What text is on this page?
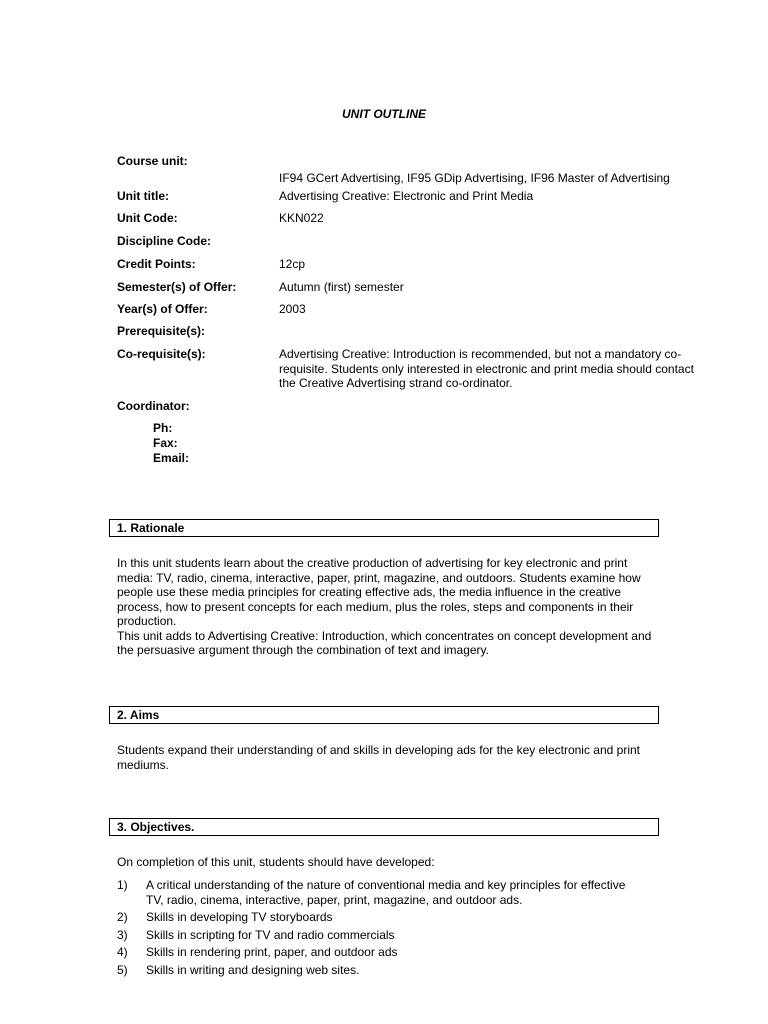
UNIT OUTLINE
Course unit:
IF94 GCert Advertising, IF95 GDip Advertising, IF96 Master of Advertising
Unit title:	Advertising Creative: Electronic and Print Media
Unit Code:	KKN022
Discipline Code:
Credit Points:	12cp
Semester(s) of Offer:	Autumn (first) semester
Year(s) of Offer:	2003
Prerequisite(s):
Co-requisite(s):	Advertising Creative: Introduction is recommended, but not a mandatory co-requisite. Students only interested in electronic and print media should contact the Creative Advertising strand co-ordinator.
Coordinator:
Ph:
Fax:
Email:
1. Rationale

In this unit students learn about the creative production of advertising for key electronic and print media: TV, radio, cinema, interactive, paper, print, magazine, and outdoors. Students examine how people use these media principles for creating effective ads, the media influence in the creative process, how to present concepts for each medium, plus the roles, steps and components in their production.

This unit adds to Advertising Creative: Introduction, which concentrates on concept development and the persuasive argument through the combination of text and imagery.

2. Aims
Students expand their understanding of and skills in developing ads for the key electronic and print mediums.
3. Objectives.
On completion of this unit, students should have developed:
1) A critical understanding of the nature of conventional media and key principles for effective TV, radio, cinema, interactive, paper, print, magazine, and outdoor ads.
2) Skills in developing TV storyboards
3) Skills in scripting for TV and radio commercials
4) Skills in rendering print, paper, and outdoor ads
5) Skills in writing and designing web sites.
